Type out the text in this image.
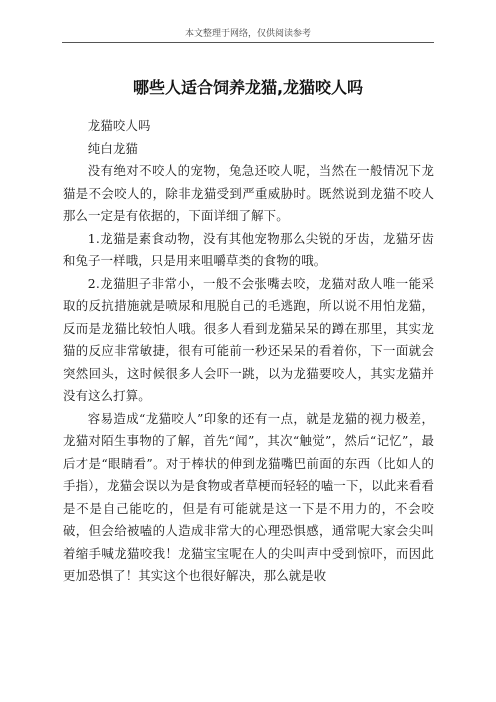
本文整理于网络，仅供阅读参考
哪些人适合饲养龙猫,龙猫咬人吗

龙猫咬人吗

纯白龙猫

没有绝对不咬人的宠物，兔急还咬人呢，当然在一般情况下龙猫是不会咬人的，除非龙猫受到严重威胁时。既然说到龙猫不咬人那么一定是有依据的，下面详细了解下。

1.龙猫是素食动物，没有其他宠物那么尖锐的牙齿，龙猫牙齿和兔子一样哦，只是用来咀嚼草类的食物的哦。

2.龙猫胆子非常小，一般不会张嘴去咬，龙猫对敌人唯一能采取的反抗措施就是喷尿和甩脱自己的毛逃跑，所以说不用怕龙猫，反而是龙猫比较怕人哦。很多人看到龙猫呆呆的蹲在那里，其实龙猫的反应非常敏捷，很有可能前一秒还呆呆的看着你，下一面就会突然回头，这时候很多人会吓一跳，以为龙猫要咬人，其实龙猫并没有这么打算。

容易造成“龙猫咬人”印象的还有一点，就是龙猫的视力极差，龙猫对陌生事物的了解，首先“闻”，其次“触觉”，然后“记忆”，最后才是“眼睛看”。对于棒状的伸到龙猫嘴巴前面的东西（比如人的手指），龙猫会误以为是食物或者草梗而轻轻的嗑一下，以此来看看是不是自己能吃的，但是有可能就是这一下是不用力的，不会咬破，但会给被嗑的人造成非常大的心理恐惧感，通常呢大家会尖叫着缩手喊龙猫咬我！龙猫宝宝呢在人的尖叫声中受到惊吓，而因此更加恐惧了！其实这个也很好解决，那么就是收
